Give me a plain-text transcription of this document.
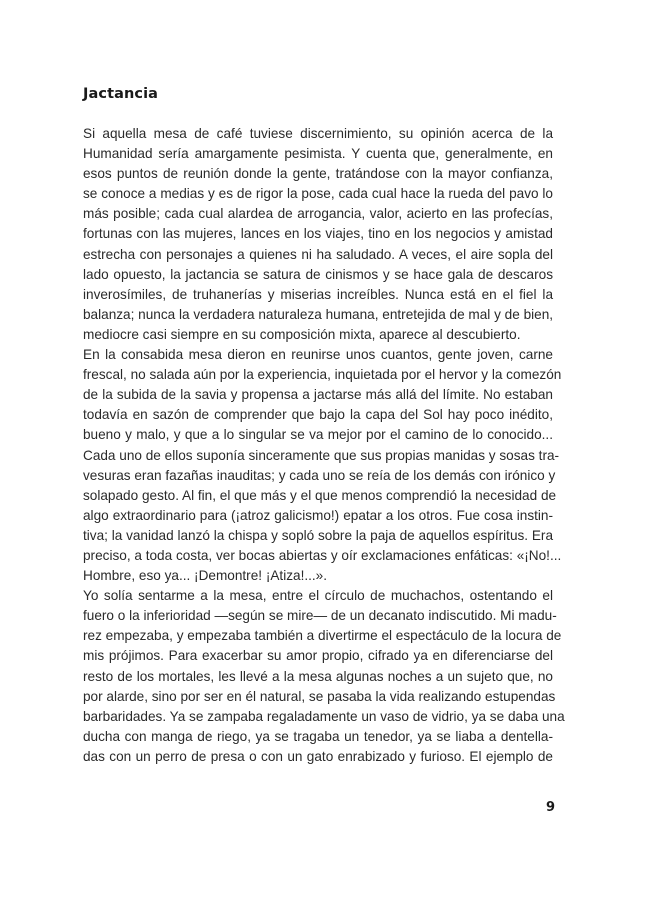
Jactancia
Si aquella mesa de café tuviese discernimiento, su opinión acerca de la
Humanidad sería amargamente pesimista. Y cuenta que, generalmente, en
esos puntos de reunión donde la gente, tratándose con la mayor confianza,
se conoce a medias y es de rigor la pose, cada cual hace la rueda del pavo lo
más posible; cada cual alardea de arrogancia, valor, acierto en las profecías,
fortunas con las mujeres, lances en los viajes, tino en los negocios y amistad
estrecha con personajes a quienes ni ha saludado. A veces, el aire sopla del
lado opuesto, la jactancia se satura de cinismos y se hace gala de descaros
inverosímiles, de truhanerías y miserias increíbles. Nunca está en el fiel la
balanza; nunca la verdadera naturaleza humana, entretejida de mal y de bien,
mediocre casi siempre en su composición mixta, aparece al descubierto.
En la consabida mesa dieron en reunirse unos cuantos, gente joven, carne
frescal, no salada aún por la experiencia, inquietada por el hervor y la comezón
de la subida de la savia y propensa a jactarse más allá del límite. No estaban
todavía en sazón de comprender que bajo la capa del Sol hay poco inédito,
bueno y malo, y que a lo singular se va mejor por el camino de lo conocido...
Cada uno de ellos suponía sinceramente que sus propias manidas y sosas tra-
vesuras eran fazañas inauditas; y cada uno se reía de los demás con irónico y
solapado gesto. Al fin, el que más y el que menos comprendió la necesidad de
algo extraordinario para (¡atroz galicismo!) epatar a los otros. Fue cosa instin-
tiva; la vanidad lanzó la chispa y sopló sobre la paja de aquellos espíritus. Era
preciso, a toda costa, ver bocas abiertas y oír exclamaciones enfáticas: «¡No!...
Hombre, eso ya... ¡Demontre! ¡Atiza!...».
Yo solía sentarme a la mesa, entre el círculo de muchachos, ostentando el
fuero o la inferioridad —según se mire— de un decanato indiscutido. Mi madu-
rez empezaba, y empezaba también a divertirme el espectáculo de la locura de
mis prójimos. Para exacerbar su amor propio, cifrado ya en diferenciarse del
resto de los mortales, les llevé a la mesa algunas noches a un sujeto que, no
por alarde, sino por ser en él natural, se pasaba la vida realizando estupendas
barbaridades. Ya se zampaba regaladamente un vaso de vidrio, ya se daba una
ducha con manga de riego, ya se tragaba un tenedor, ya se liaba a dentella-
das con un perro de presa o con un gato enrabizado y furioso. El ejemplo de
9
